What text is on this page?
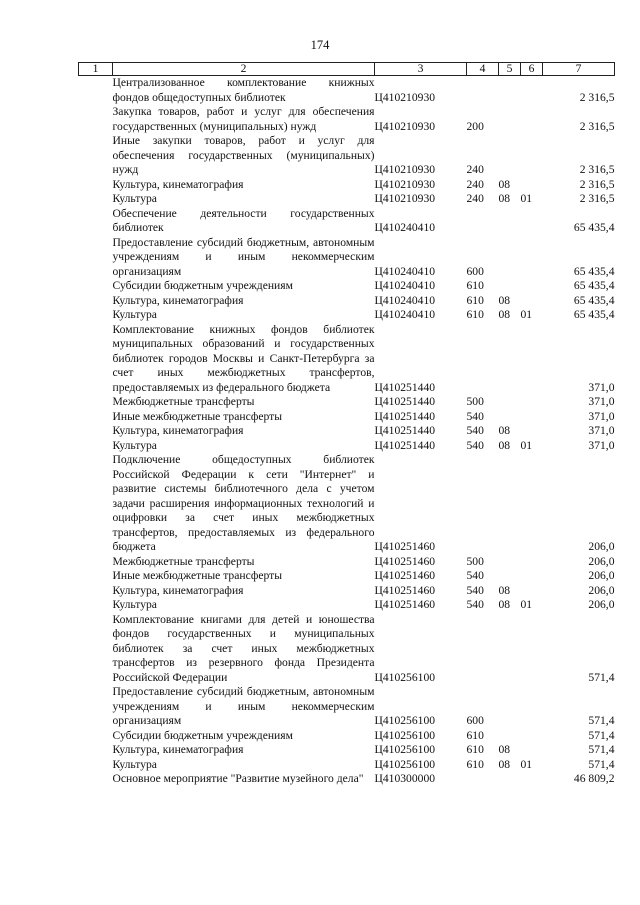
174
1	2	3	4	5	6	7
	Централизованное комплектование книжных фондов общедоступных библиотек	Ц410210930				2 316,5
	Закупка товаров, работ и услуг для обеспечения государственных (муниципальных) нужд	Ц410210930	200			2 316,5
	Иные закупки товаров, работ и услуг для обеспечения государственных (муниципальных) нужд	Ц410210930	240			2 316,5
	Культура, кинематография	Ц410210930	240	08		2 316,5
	Культура	Ц410210930	240	08	01	2 316,5
	Обеспечение деятельности государственных библиотек	Ц410240410				65 435,4
	Предоставление субсидий бюджетным, автономным учреждениям и иным некоммерческим организациям	Ц410240410	600			65 435,4
	Субсидии бюджетным учреждениям	Ц410240410	610			65 435,4
	Культура, кинематография	Ц410240410	610	08		65 435,4
	Культура	Ц410240410	610	08	01	65 435,4
	Комплектование книжных фондов библиотек муниципальных образований и государственных библиотек городов Москвы и Санкт-Петербурга за счет иных межбюджетных трансфертов, предоставляемых из федерального бюджета	Ц410251440				371,0
	Межбюджетные трансферты	Ц410251440	500			371,0
	Иные межбюджетные трансферты	Ц410251440	540			371,0
	Культура, кинематография	Ц410251440	540	08		371,0
	Культура	Ц410251440	540	08	01	371,0
	Подключение общедоступных библиотек Российской Федерации к сети "Интернет" и развитие системы библиотечного дела с учетом задачи расширения информационных технологий и оцифровки за счет иных межбюджетных трансфертов, предоставляемых из федерального бюджета	Ц410251460				206,0
	Межбюджетные трансферты	Ц410251460	500			206,0
	Иные межбюджетные трансферты	Ц410251460	540			206,0
	Культура, кинематография	Ц410251460	540	08		206,0
	Культура	Ц410251460	540	08	01	206,0
	Комплектование книгами для детей и юношества фондов государственных и муниципальных библиотек за счет иных межбюджетных трансфертов из резервного фонда Президента Российской Федерации	Ц410256100				571,4
	Предоставление субсидий бюджетным, автономным учреждениям и иным некоммерческим организациям	Ц410256100	600			571,4
	Субсидии бюджетным учреждениям	Ц410256100	610			571,4
	Культура, кинематография	Ц410256100	610	08		571,4
	Культура	Ц410256100	610	08	01	571,4
	Основное мероприятие "Развитие музейного дела"	Ц410300000				46 809,2
